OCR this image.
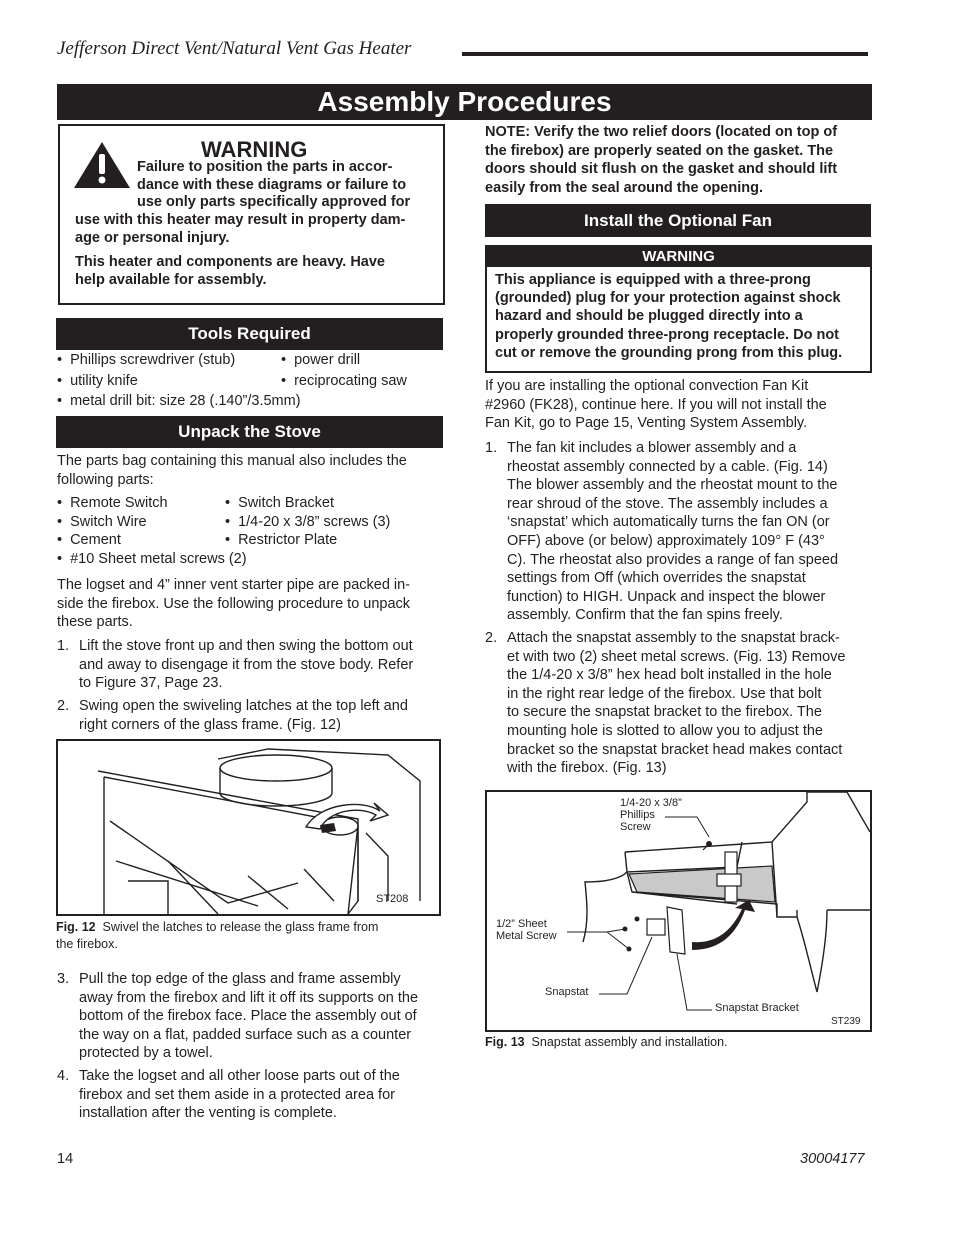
Jefferson Direct Vent/Natural Vent Gas Heater
Assembly Procedures
WARNING
Failure to position the parts in accor-
dance with these diagrams or failure to
use only parts specifically approved for
use with this heater may result in property dam-
age or personal injury.
This heater and components are heavy. Have
help available for assembly.
Tools Required
• Phillips screwdriver (stub)	• power drill
• utility knife	• reciprocating saw
• metal drill bit: size 28 (.140”/3.5mm)
Unpack the Stove
The parts bag containing this manual also includes the
following parts:
• Remote Switch	• Switch Bracket
• Switch Wire	• 1/4-20 x 3/8” screws (3)
• Cement	• Restrictor Plate
• #10 Sheet metal screws (2)
The logset and 4” inner vent starter pipe are packed in-
side the firebox. Use the following procedure to unpack
these parts.
1. Lift the stove front up and then swing the bottom out
and away to disengage it from the stove body. Refer
to Figure 37, Page 23.
2. Swing open the swiveling latches at the top left and
right corners of the glass frame. (Fig. 12)
ST208
Fig. 12 Swivel the latches to release the glass frame from
the firebox.
3. Pull the top edge of the glass and frame assembly
away from the firebox and lift it off its supports on the
bottom of the firebox face. Place the assembly out of
the way on a flat, padded surface such as a counter
protected by a towel.
4. Take the logset and all other loose parts out of the
firebox and set them aside in a protected area for
installation after the venting is complete.
NOTE: Verify the two relief doors (located on top of
the firebox) are properly seated on the gasket. The
doors should sit flush on the gasket and should lift
easily from the seal around the opening.
Install the Optional Fan
WARNING
This appliance is equipped with a three-prong
(grounded) plug for your protection against shock
hazard and should be plugged directly into a
properly grounded three-prong receptacle. Do not
cut or remove the grounding prong from this plug.
If you are installing the optional convection Fan Kit
#2960 (FK28), continue here. If you will not install the
Fan Kit, go to Page 15, Venting System Assembly.
1. The fan kit includes a blower assembly and a
rheostat assembly connected by a cable. (Fig. 14)
The blower assembly and the rheostat mount to the
rear shroud of the stove. The assembly includes a
‘snapstat’ which automatically turns the fan ON (or
OFF) above (or below) approximately 109° F (43°
C). The rheostat also provides a range of fan speed
settings from Off (which overrides the snapstat
function) to HIGH. Unpack and inspect the blower
assembly. Confirm that the fan spins freely.
2. Attach the snapstat assembly to the snapstat brack-
et with two (2) sheet metal screws. (Fig. 13) Remove
the 1/4-20 x 3/8” hex head bolt installed in the hole
in the right rear ledge of the firebox. Use that bolt
to secure the snapstat bracket to the firebox. The
mounting hole is slotted to allow you to adjust the
bracket so the snapstat bracket head makes contact
with the firebox. (Fig. 13)
1/4-20 x 3/8”
Phillips
Screw
1/2” Sheet
Metal Screw
Snapstat
Snapstat Bracket
ST239
Fig. 13 Snapstat assembly and installation.
14	30004177
